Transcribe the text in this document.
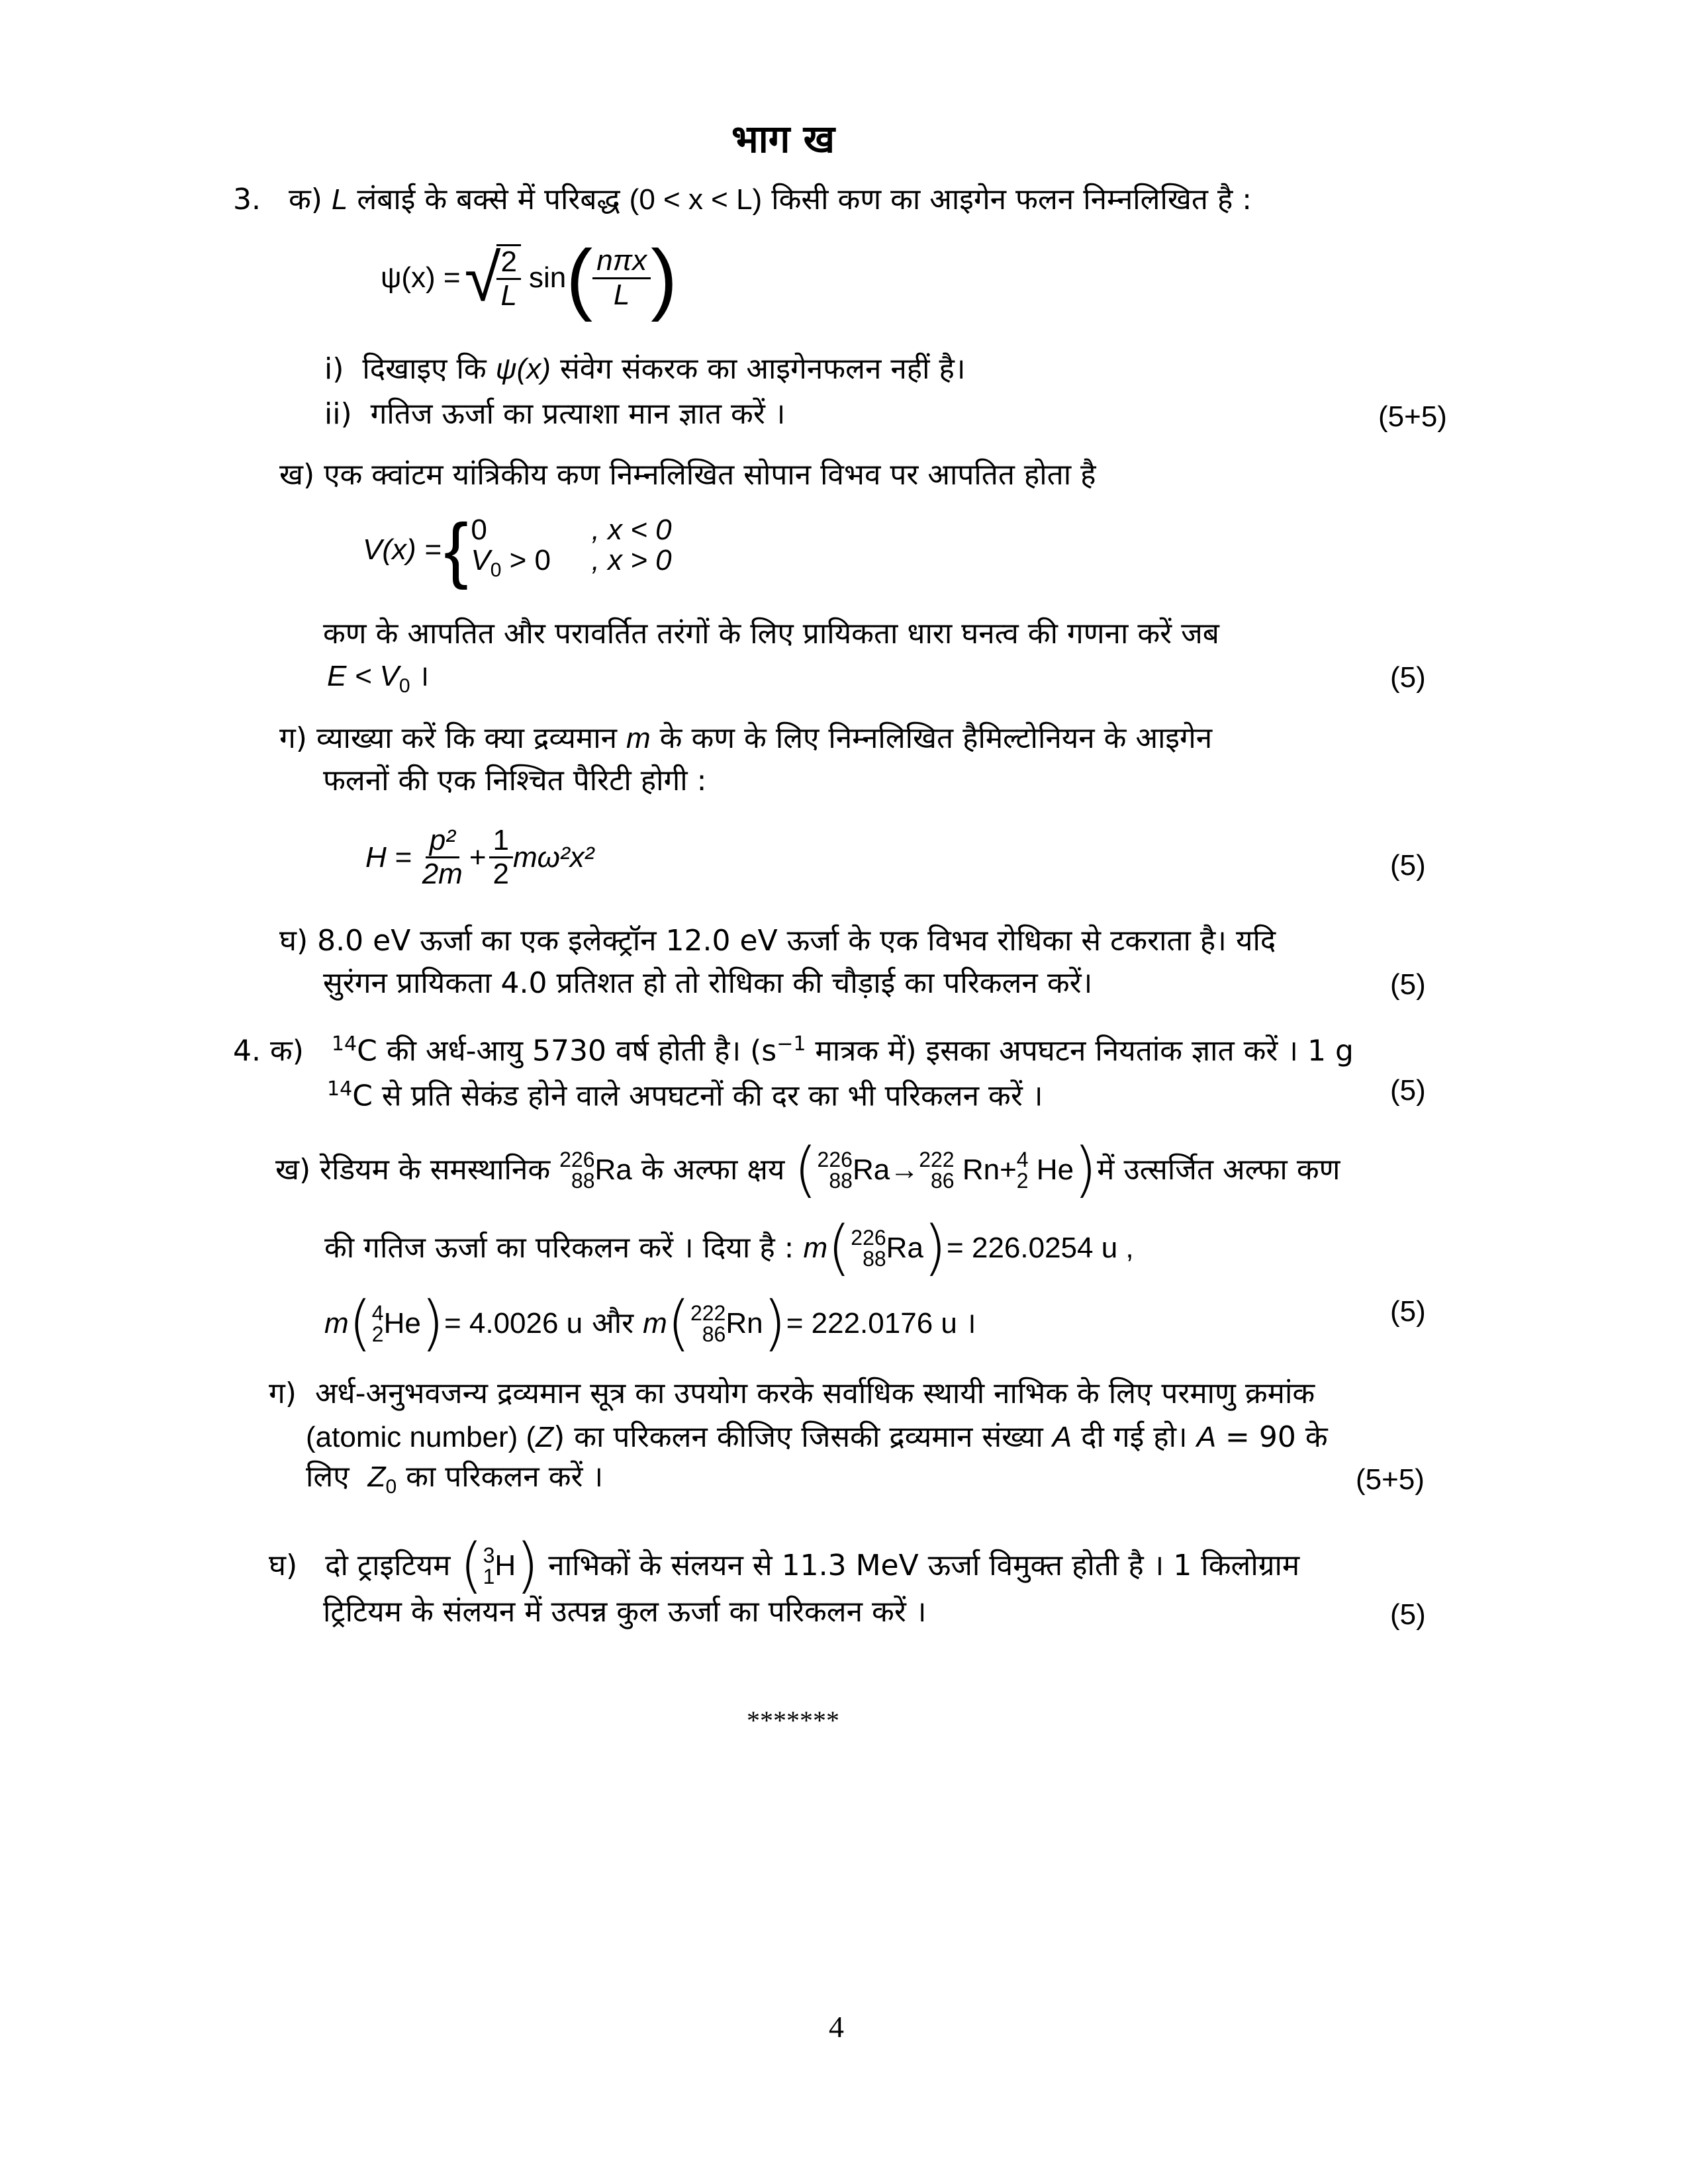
भाग ख
3. क) L लंबाई के बक्से में परिबद्ध (0 < x < L) किसी कण का आइगेन फलन निम्नलिखित है :
ψ(x) = √
$\frac{2}{L}$ sin ( $\frac{\text{nπx}}{L}$ )
i) दिखाइए कि ψ(x) संवेग संकरक का आइगेनफलन नहीं है।
ii) गतिज ऊर्जा का प्रत्याशा मान ज्ञात करें ।	(5+5)
ख) एक क्वांटम यांत्रिकीय कण निम्नलिखित सोपान विभव पर आपतित होता है
V(x) = { 0	, x < 0
$V_0 > 0$ , x > 0
कण के आपतित और परावर्तित तरंगों के लिए प्रायिकता धारा घनत्व की गणना करें जब
$E < V_0$ ।	(5)
ग) व्याख्या करें कि क्या द्रव्यमान m के कण के लिए निम्नलिखित हैमिल्टोनियन के आइगेन
फलनों की एक निश्चित पैरिटी होगी :
$H = \frac{\text{p²}}{2m} + \frac{1}{2} m\omega^2x^2$	(5)
घ) 8.0 eV ऊर्जा का एक इलेक्ट्रॉन 12.0 eV ऊर्जा के एक विभव रोधिका से टकराता है। यदि
सुरंगन प्रायिकता 4.0 प्रतिशत हो तो रोधिका की चौड़ाई का परिकलन करें।	(5)
4. क) $^{14}$C की अर्ध-आयु 5730 वर्ष होती है। ($s^{-1}$ मात्रक में) इसका अपघटन नियतांक ज्ञात करें । 1 g
$^{14}$C से प्रति सेकंड होने वाले अपघटनों की दर का भी परिकलन करें ।	(5)
ख)
रेडियम के समस्थानिक
226
88 Ra
के अल्फा क्षय
( 226
88 Ra → 222
86
Rn + 4
2
He ) में उत्सर्जित अल्फा कण
की गतिज ऊर्जा का परिकलन करें । दिया है :
m ( 226
88 Ra ) = 226.0254 u ,
m ( 4
2 He ) = 4.0026 u
और
m ( 222
86 Rn ) = 222.0176 u ।	(5)
ग) अर्ध-अनुभवजन्य द्रव्यमान सूत्र का उपयोग करके सर्वाधिक स्थायी नाभिक के लिए परमाणु क्रमांक
(atomic number) (Z) का परिकलन कीजिए जिसकी द्रव्यमान संख्या A दी गई हो। A = 90 के
लिए $Z_0$ का परिकलन करें ।	(5+5)
घ)
दो ट्राइटियम
( 3
1 H )
नाभिकों के संलयन से 11.3 MeV ऊर्जा विमुक्त होती है । 1 किलोग्राम
ट्रिटियम के संलयन में उत्पन्न कुल ऊर्जा का परिकलन करें ।	(5)
*******
4
